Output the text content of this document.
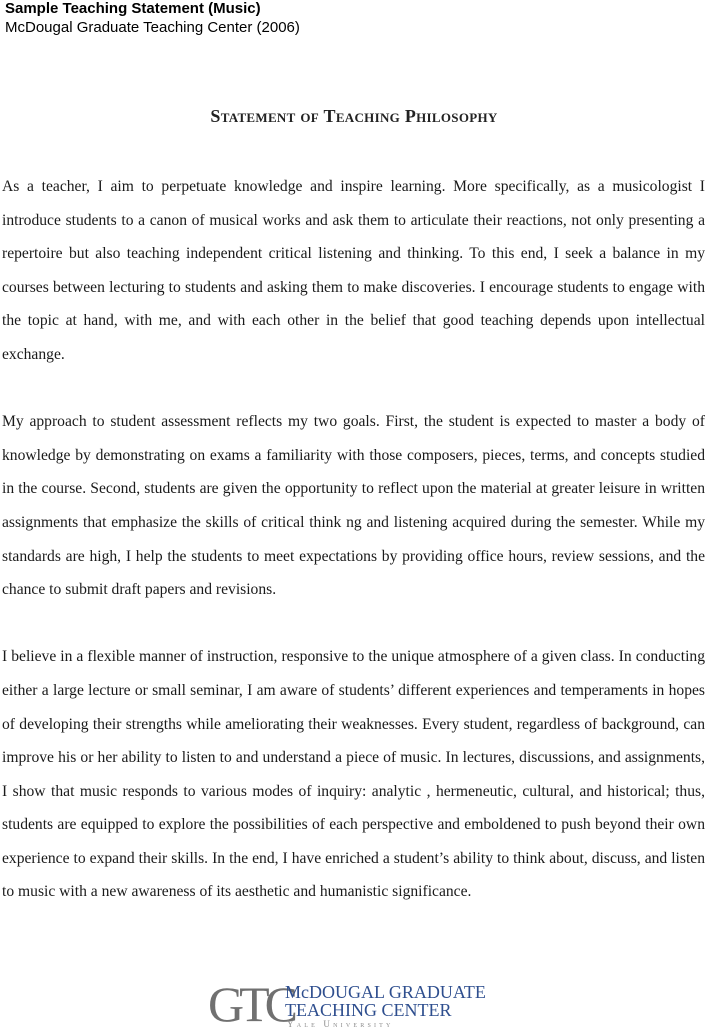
Sample Teaching Statement (Music)
McDougal Graduate Teaching Center (2006)
Statement of Teaching Philosophy

As a teacher, I aim to perpetuate knowledge and inspire learning. More specifically, as a musicologist I introduce students to a canon of musical works and ask them to articulate their reactions, not only presenting a repertoire but also teaching independent critical listening and thinking. To this end, I seek a balance in my courses between lecturing to students and asking them to make discoveries. I encourage students to engage with the topic at hand, with me, and with each other in the belief that good teaching depends upon intellectual exchange.

My approach to student assessment reflects my two goals. First, the student is expected to master a body of knowledge by demonstrating on exams a familiarity with those composers, pieces, terms, and concepts studied in the course. Second, students are given the opportunity to reflect upon the material at greater leisure in written assignments that emphasize the skills of critical think ng and listening acquired during the semester. While my standards are high, I help the students to meet expectations by providing office hours, review sessions, and the chance to submit draft papers and revisions.

I believe in a flexible manner of instruction, responsive to the unique atmosphere of a given class. In conducting either a large lecture or small seminar, I am aware of students’ different experiences and temperaments in hopes of developing their strengths while ameliorating their weaknesses. Every student, regardless of background, can improve his or her ability to listen to and understand a piece of music. In lectures, discussions, and assignments, I show that music responds to various modes of inquiry: analytic , hermeneutic, cultural, and historical; thus, students are equipped to explore the possibilities of each perspective and emboldened to push beyond their own experience to expand their skills. In the end, I have enriched a student’s ability to think about, discuss, and listen to music with a new awareness of its aesthetic and humanistic significance.

GTC
McDOUGAL GRADUATE
TEACHING CENTER
Yale University
